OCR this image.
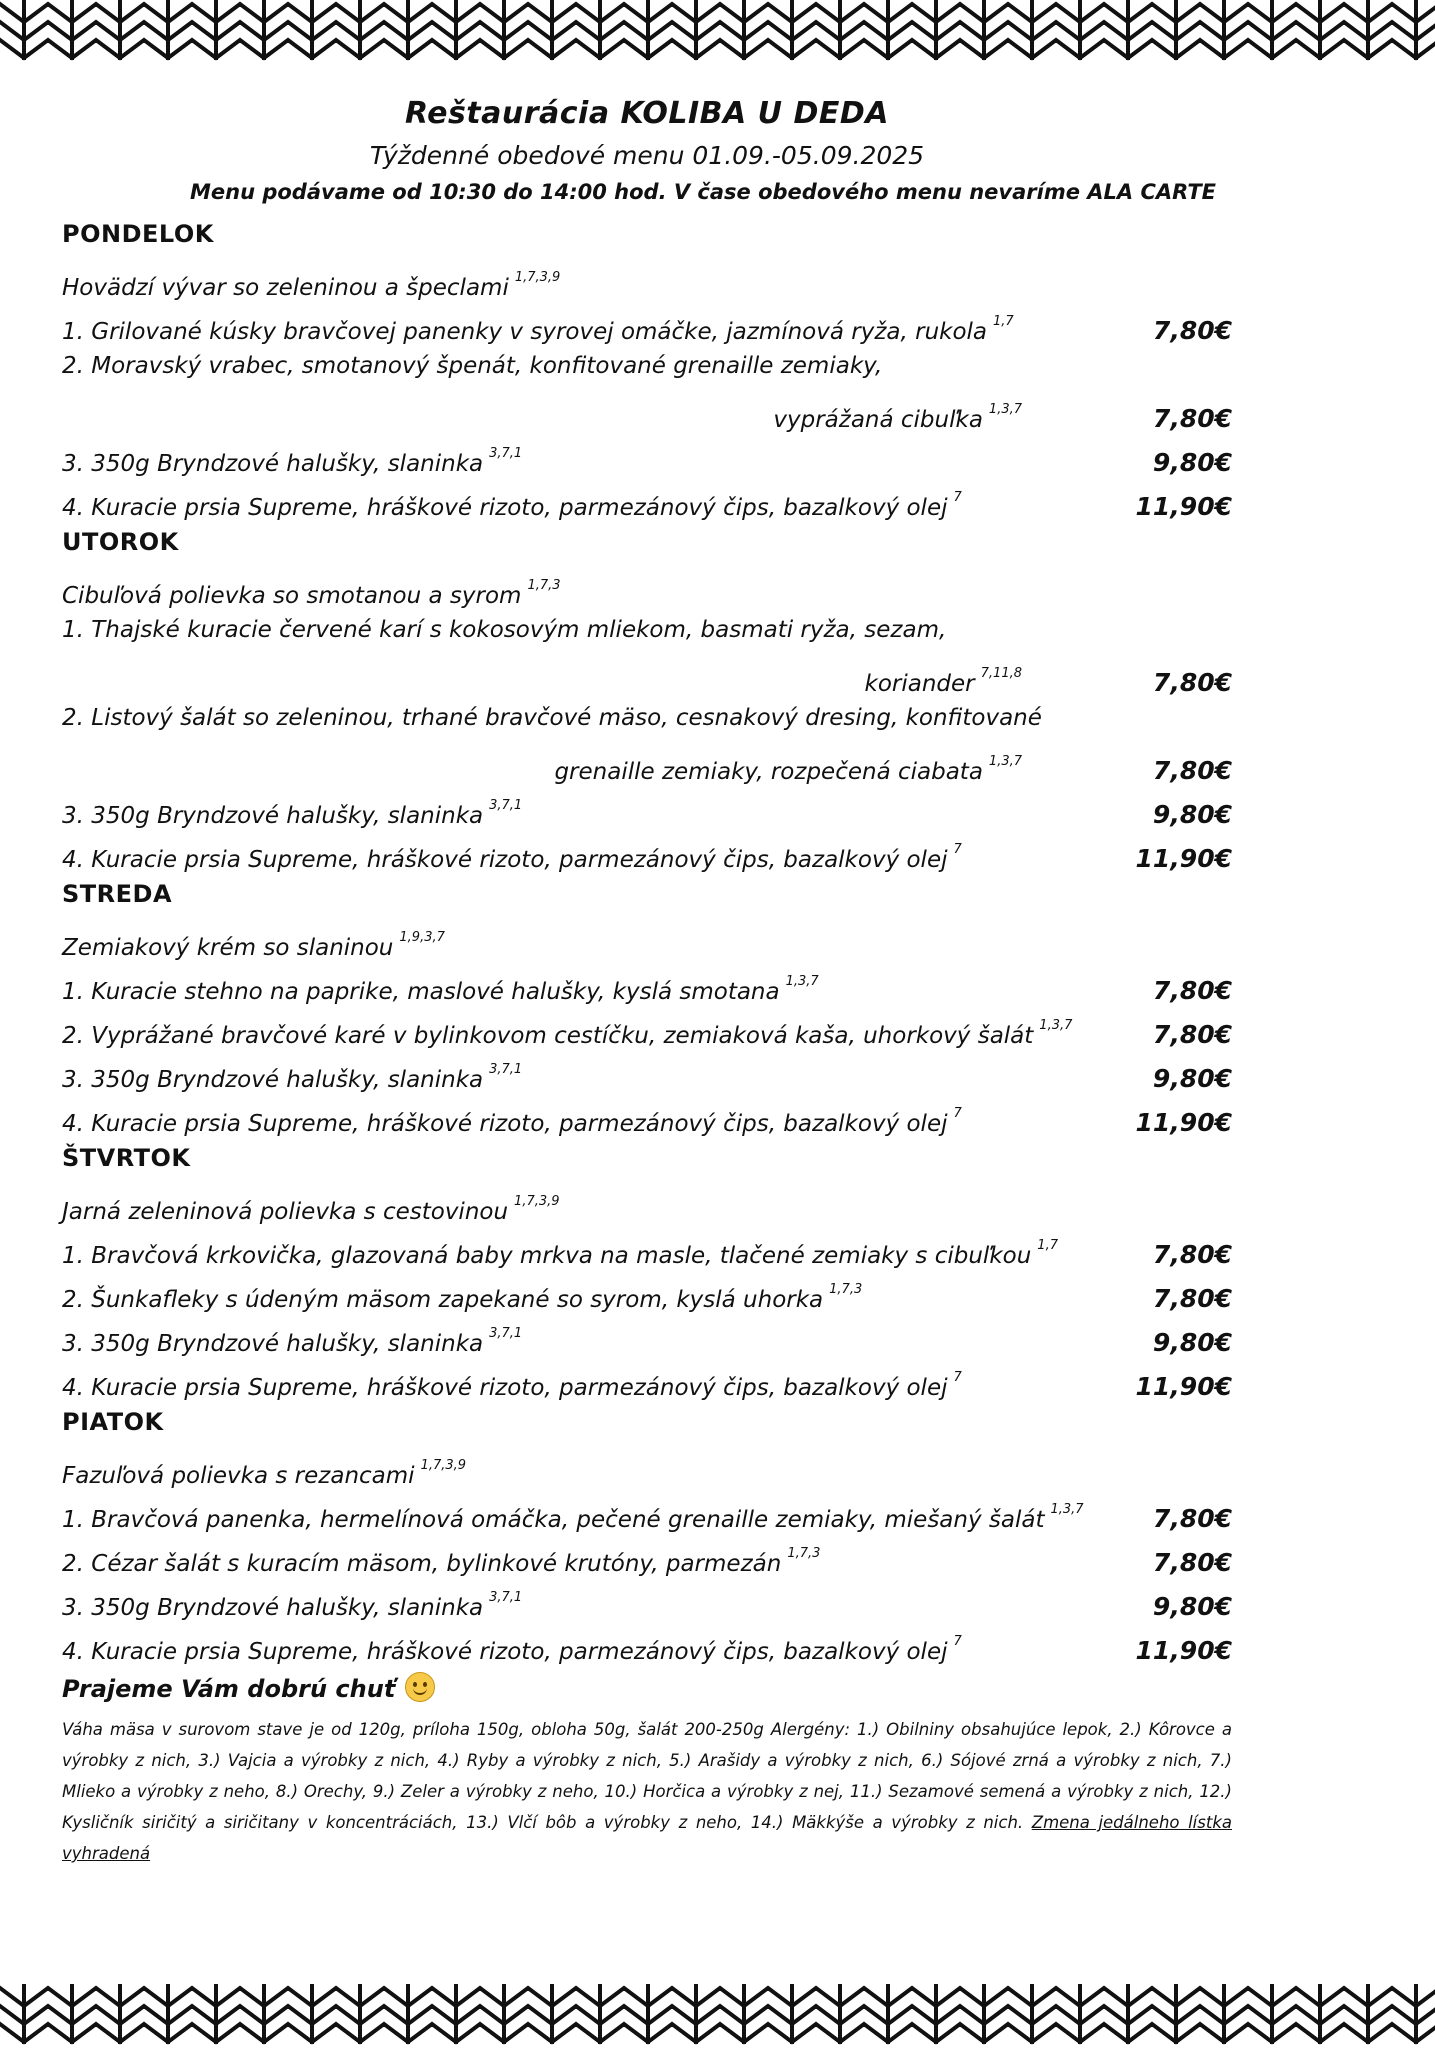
Reštaurácia KOLIBA U DEDA
Týždenné obedové menu 01.09.-05.09.2025
Menu podávame od 10:30 do 14:00 hod. V čase obedového menu nevaríme ALA CARTE
PONDELOK
Hovädzí vývar so zeleninou a špeclami $^{1,7,3,9}$
1. Grilované kúsky bravčovej panenky v syrovej omáčke, jazmínová ryža, rukola $^{1,7}$	7,80€
2. Moravský vrabec, smotanový špenát, konfitované grenaille zemiaky,
vyprážaná cibuľka $^{1,3,7}$	7,80€
3. 350g Bryndzové halušky, slaninka $^{3,7,1}$	9,80€
4. Kuracie prsia Supreme, hráškové rizoto, parmezánový čips, bazalkový olej $^7$	11,90€
UTOROK
Cibuľová polievka so smotanou a syrom $^{1,7,3}$
1. Thajské kuracie červené karí s kokosovým mliekom, basmati ryža, sezam,
koriander $^{7,11,8}$	7,80€
2. Listový šalát so zeleninou, trhané bravčové mäso, cesnakový dresing, konfitované
grenaille zemiaky, rozpečená ciabata $^{1,3,7}$	7,80€
3. 350g Bryndzové halušky, slaninka $^{3,7,1}$	9,80€
4. Kuracie prsia Supreme, hráškové rizoto, parmezánový čips, bazalkový olej $^7$	11,90€
STREDA
Zemiakový krém so slaninou $^{1,9,3,7}$
1. Kuracie stehno na paprike, maslové halušky, kyslá smotana $^{1,3,7}$	7,80€
2. Vyprážané bravčové karé v bylinkovom cestíčku, zemiaková kaša, uhorkový šalát $^{1,3,7}$	7,80€
3. 350g Bryndzové halušky, slaninka $^{3,7,1}$	9,80€
4. Kuracie prsia Supreme, hráškové rizoto, parmezánový čips, bazalkový olej $^7$	11,90€
ŠTVRTOK
Jarná zeleninová polievka s cestovinou $^{1,7,3,9}$
1. Bravčová krkovička, glazovaná baby mrkva na masle, tlačené zemiaky s cibuľkou $^{1,7}$	7,80€
2. Šunkafleky s údeným mäsom zapekané so syrom, kyslá uhorka $^{1,7,3}$	7,80€
3. 350g Bryndzové halušky, slaninka $^{3,7,1}$	9,80€
4. Kuracie prsia Supreme, hráškové rizoto, parmezánový čips, bazalkový olej $^7$	11,90€
PIATOK
Fazuľová polievka s rezancami $^{1,7,3,9}$
1. Bravčová panenka, hermelínová omáčka, pečené grenaille zemiaky, miešaný šalát $^{1,3,7}$	7,80€
2. Cézar šalát s kuracím mäsom, bylinkové krutóny, parmezán $^{1,7,3}$	7,80€
3. 350g Bryndzové halušky, slaninka $^{3,7,1}$	9,80€
4. Kuracie prsia Supreme, hráškové rizoto, parmezánový čips, bazalkový olej $^7$	11,90€
Prajeme Vám dobrú chuť
Váha mäsa v surovom stave je od 120g, príloha 150g, obloha 50g, šalát 200-250g Alergény: 1.) Obilniny obsahujúce lepok, 2.) Kôrovce a výrobky z nich, 3.) Vajcia a výrobky z nich, 4.) Ryby a výrobky z nich, 5.) Arašidy a výrobky z nich, 6.) Sójové zrná a výrobky z nich, 7.) Mlieko a výrobky z neho, 8.) Orechy, 9.) Zeler a výrobky z neho, 10.) Horčica a výrobky z nej, 11.) Sezamové semená a výrobky z nich, 12.) Kysličník siričitý a siričitany v koncentráciách, 13.) Vlčí bôb a výrobky z neho, 14.) Mäkkýše a výrobky z nich. Zmena jedálneho lístka vyhradená
